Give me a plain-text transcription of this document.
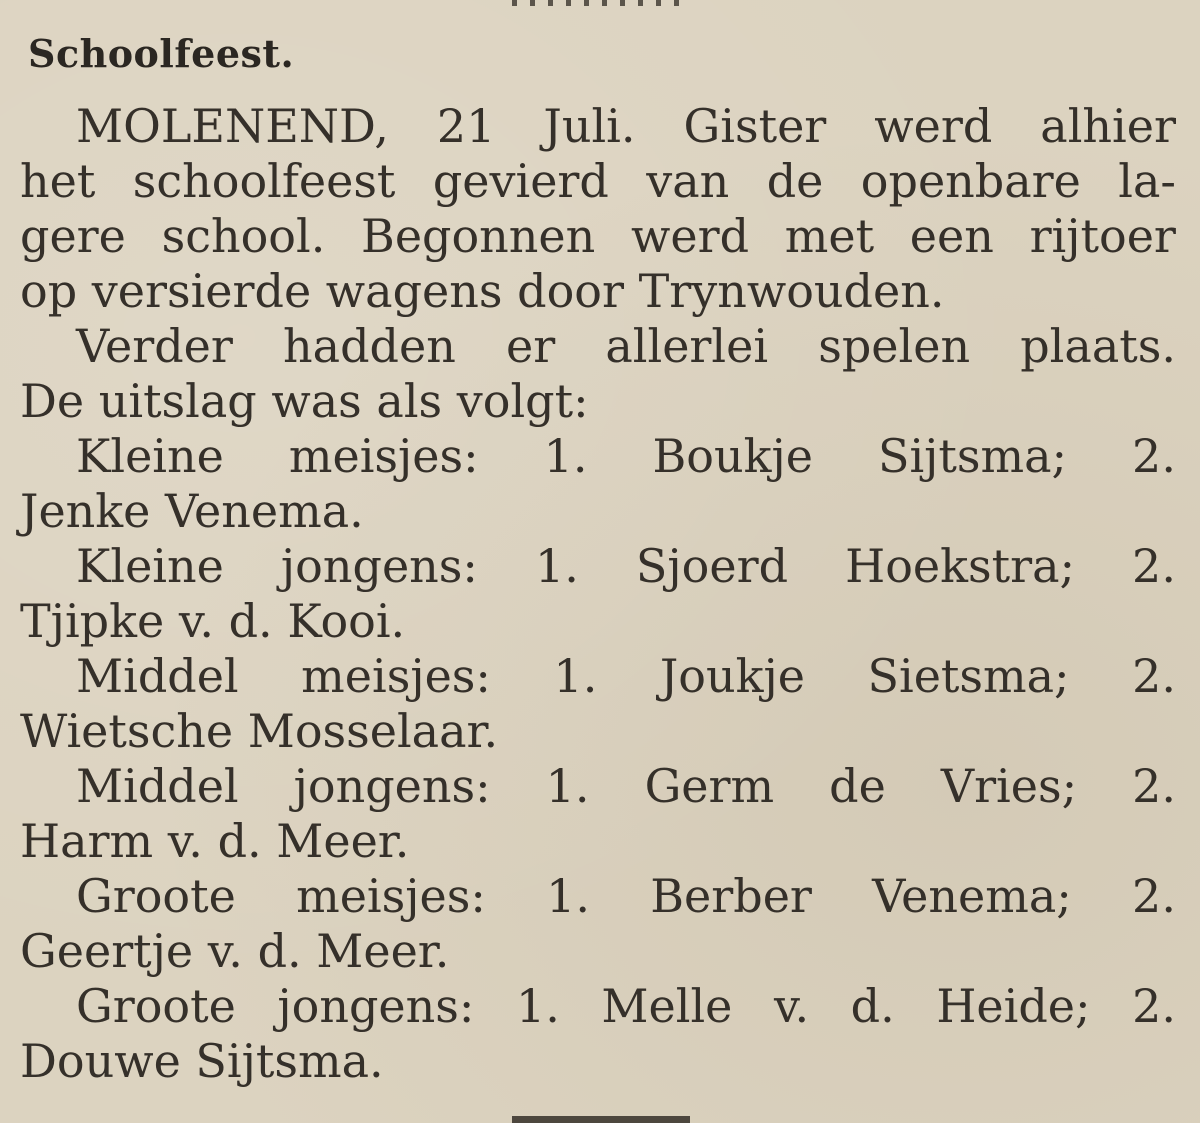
Schoolfeest.
MOLENEND, 21 Juli. Gister werd alhier
het schoolfeest gevierd van de openbare la-
gere school. Begonnen werd met een rijtoer
op versierde wagens door Trynwouden.
Verder hadden er allerlei spelen plaats.
De uitslag was als volgt:
Kleine meisjes: 1. Boukje Sijtsma; 2.
Jenke Venema.
Kleine jongens: 1. Sjoerd Hoekstra; 2.
Tjipke v. d. Kooi.
Middel meisjes: 1. Joukje Sietsma; 2.
Wietsche Mosselaar.
Middel jongens: 1. Germ de Vries; 2.
Harm v. d. Meer.
Groote meisjes: 1. Berber Venema; 2.
Geertje v. d. Meer.
Groote jongens: 1. Melle v. d. Heide; 2.
Douwe Sijtsma.
